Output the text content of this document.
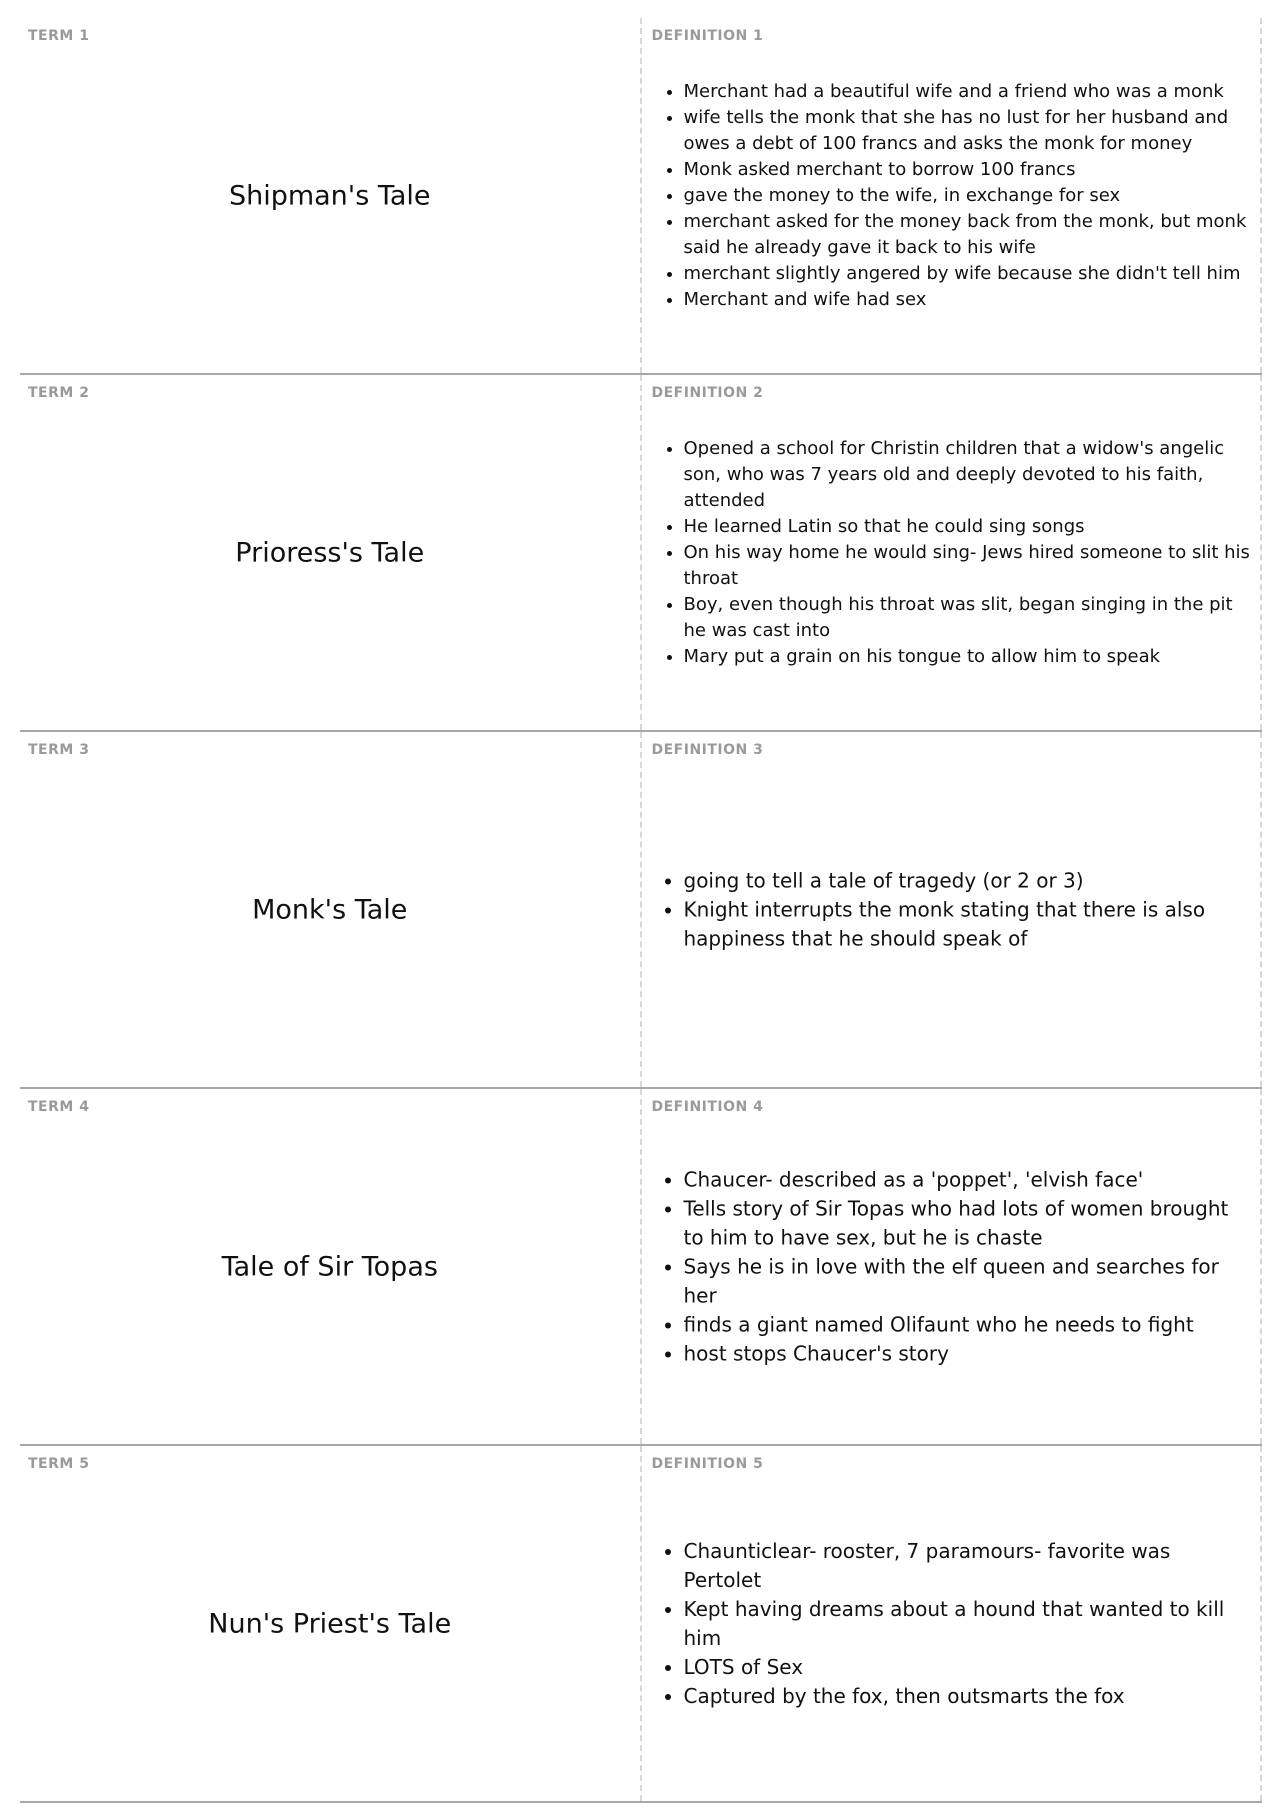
TERM 1
Shipman's Tale
DEFINITION 1
• Merchant had a beautiful wife and a friend who was a monk
• wife tells the monk that she has no lust for her husband and owes a debt of 100 francs and asks the monk for money
• Monk asked merchant to borrow 100 francs
• gave the money to the wife, in exchange for sex
• merchant asked for the money back from the monk, but monk said he already gave it back to his wife
• merchant slightly angered by wife because she didn't tell him
• Merchant and wife had sex
TERM 2
Prioress's Tale
DEFINITION 2
• Opened a school for Christin children that a widow's angelic son, who was 7 years old and deeply devoted to his faith, attended
• He learned Latin so that he could sing songs
• On his way home he would sing- Jews hired someone to slit his throat
• Boy, even though his throat was slit, began singing in the pit he was cast into
• Mary put a grain on his tongue to allow him to speak
TERM 3
Monk's Tale
DEFINITION 3
• going to tell a tale of tragedy (or 2 or 3)
• Knight interrupts the monk stating that there is also happiness that he should speak of
TERM 4
Tale of Sir Topas
DEFINITION 4
• Chaucer- described as a 'poppet', 'elvish face'
• Tells story of Sir Topas who had lots of women brought to him to have sex, but he is chaste
• Says he is in love with the elf queen and searches for her
• finds a giant named Olifaunt who he needs to fight
• host stops Chaucer's story
TERM 5
Nun's Priest's Tale
DEFINITION 5
• Chaunticlear- rooster, 7 paramours- favorite was Pertolet
• Kept having dreams about a hound that wanted to kill him
• LOTS of Sex
• Captured by the fox, then outsmarts the fox
